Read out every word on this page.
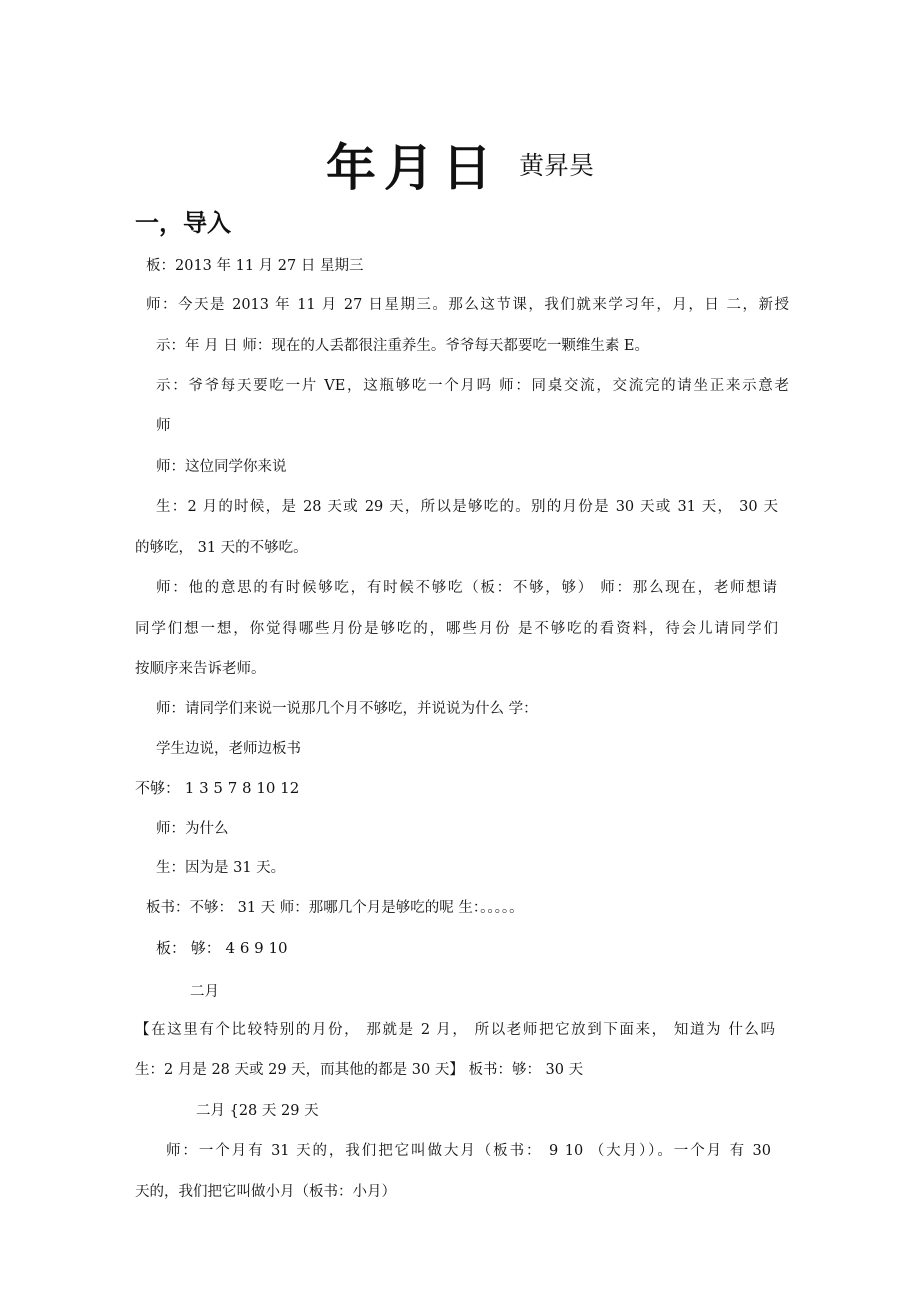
年月日 黄昇昊
一，导入
板：2013 年 11 月 27 日 星期三
师：今天是 2013 年 11 月 27 日星期三。那么这节课，我们就来学习年，月，日 二，新授
示：年 月 日 师：现在的人丢都很注重养生。爷爷每天都要吃一颗维生素 E。
示：爷爷每天要吃一片 VE，这瓶够吃一个月吗 师：同桌交流，交流完的请坐正来示意老
师
师：这位同学你来说
生：2 月的时候，是 28 天或 29 天，所以是够吃的。别的月份是 30 天或 31 天， 30 天
的够吃， 31 天的不够吃。
师：他的意思的有时候够吃，有时候不够吃（板：不够，够） 师：那么现在，老师想请
同学们想一想，你觉得哪些月份是够吃的，哪些月份 是不够吃的看资料，待会儿请同学们
按顺序来告诉老师。
师：请同学们来说一说那几个月不够吃，并说说为什么 学：
学生边说，老师边板书
不够： 1 3 5 7 8 10 12
师：为什么
生：因为是 31 天。
板书：不够： 31 天 师：那哪几个月是够吃的呢 生：。。。。。
板： 够： 4 6 9 10
二月
【在这里有个比较特别的月份， 那就是 2 月， 所以老师把它放到下面来， 知道为 什么吗
生：2 月是 28 天或 29 天，而其他的都是 30 天】 板书：够： 30 天
二月 {28 天 29 天
师：一个月有 31 天的，我们把它叫做大月（板书： 9 10 （大月））。一个月 有 30
天的，我们把它叫做小月（板书：小月）
